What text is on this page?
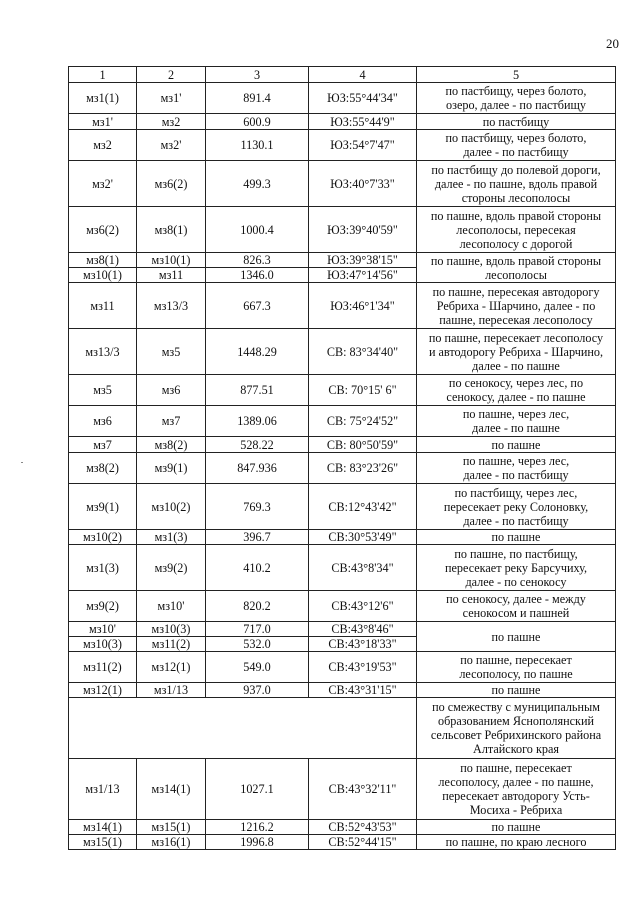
20
1	2	3	4	5
мз1(1)	мз1'	891.4	ЮЗ:55°44'34"	по пастбищу, через болото,
озеро, далее - по пастбищу
мз1'	мз2	600.9	ЮЗ:55°44'9"	по пастбищу
мз2	мз2'	1130.1	ЮЗ:54°7'47"	по пастбищу, через болото,
далее - по пастбищу
мз2'	мз6(2)	499.3	ЮЗ:40°7'33"	по пастбищу до полевой дороги,
далее - по пашне, вдоль правой
стороны лесополосы
мз6(2)	мз8(1)	1000.4	ЮЗ:39°40'59"	по пашне, вдоль правой стороны
лесополосы, пересекая
лесополосу с дорогой
мз8(1)	мз10(1)	826.3	ЮЗ:39°38'15"	по пашне, вдоль правой стороны
лесополосы
мз10(1)	мз11	1346.0	ЮЗ:47°14'56"	
мз11	мз13/3	667.3	ЮЗ:46°1'34"	по пашне, пересекая автодорогу
Ребриха - Шарчино, далее - по
пашне, пересекая лесополосу
мз13/3	мз5	1448.29	СВ: 83°34'40"	по пашне, пересекает лесополосу
и автодорогу Ребриха - Шарчино,
далее - по пашне
мз5	мз6	877.51	СВ: 70°15' 6"	по сенокосу, через лес, по
сенокосу, далее - по пашне
мз6	мз7	1389.06	СВ: 75°24'52"	по пашне, через лес,
далее - по пашне
мз7	мз8(2)	528.22	СВ: 80°50'59"	по пашне
мз8(2)	мз9(1)	847.936	СВ: 83°23'26"	по пашне, через лес,
далее - по пастбищу
мз9(1)	мз10(2)	769.3	СВ:12°43'42"	по пастбищу, через лес,
пересекает реку Солоновку,
далее - по пастбищу
мз10(2)	мз1(3)	396.7	СВ:30°53'49"	по пашне
мз1(3)	мз9(2)	410.2	СВ:43°8'34"	по пашне, по пастбищу,
пересекает реку Барсучиху,
далее - по сенокосу
мз9(2)	мз10'	820.2	СВ:43°12'6"	по сенокосу, далее - между
сенокосом и пашней
мз10'	мз10(3)	717.0	СВ:43°8'46"	по пашне
мз10(3)	мз11(2)	532.0	СВ:43°18'33"	
мз11(2)	мз12(1)	549.0	СВ:43°19'53"	по пашне, пересекает
лесополосу, по пашне
мз12(1)	мз1/13	937.0	СВ:43°31'15"	по пашне
				по смежеству с муниципальным
образованием Яснополянский
сельсовет Ребрихинского района
Алтайского края
мз1/13	мз14(1)	1027.1	СВ:43°32'11"	по пашне, пересекает
лесополосу, далее - по пашне,
пересекает автодорогу Усть-
Мосиха - Ребриха
мз14(1)	мз15(1)	1216.2	СВ:52°43'53"	по пашне
мз15(1)	мз16(1)	1996.8	СВ:52°44'15"	по пашне, по краю лесного
